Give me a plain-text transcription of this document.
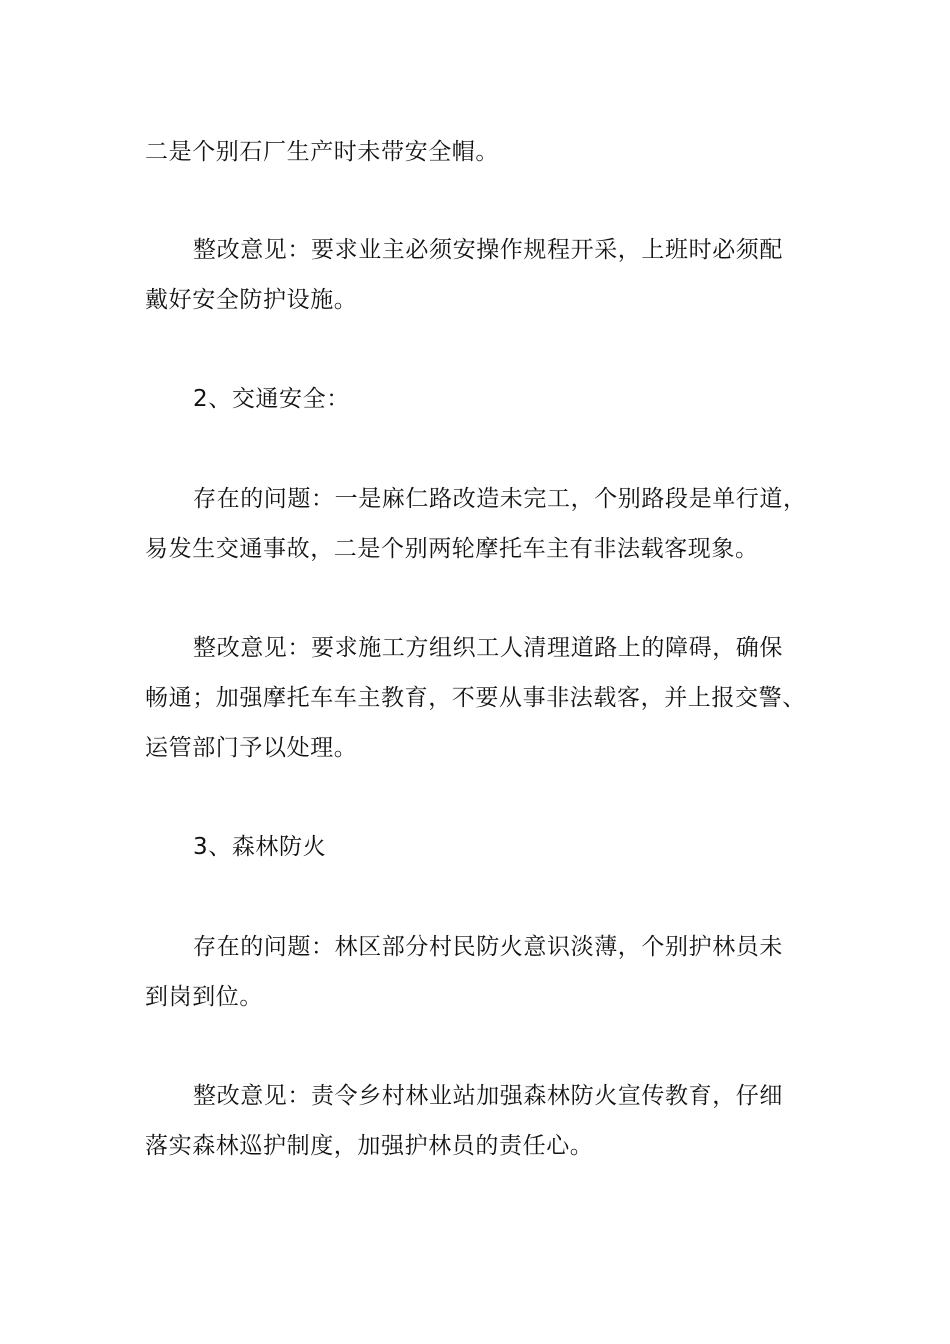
二是个别石厂生产时未带安全帽。
整改意见：要求业主必须安操作规程开采，上班时必须配
戴好安全防护设施。
2、交通安全：
存在的问题：一是麻仁路改造未完工，个别路段是单行道，
易发生交通事故，二是个别两轮摩托车主有非法载客现象。
整改意见：要求施工方组织工人清理道路上的障碍，确保
畅通；加强摩托车车主教育，不要从事非法载客，并上报交警、
运管部门予以处理。
3、森林防火
存在的问题：林区部分村民防火意识淡薄，个别护林员未
到岗到位。
整改意见：责令乡村林业站加强森林防火宣传教育，仔细
落实森林巡护制度，加强护林员的责任心。
